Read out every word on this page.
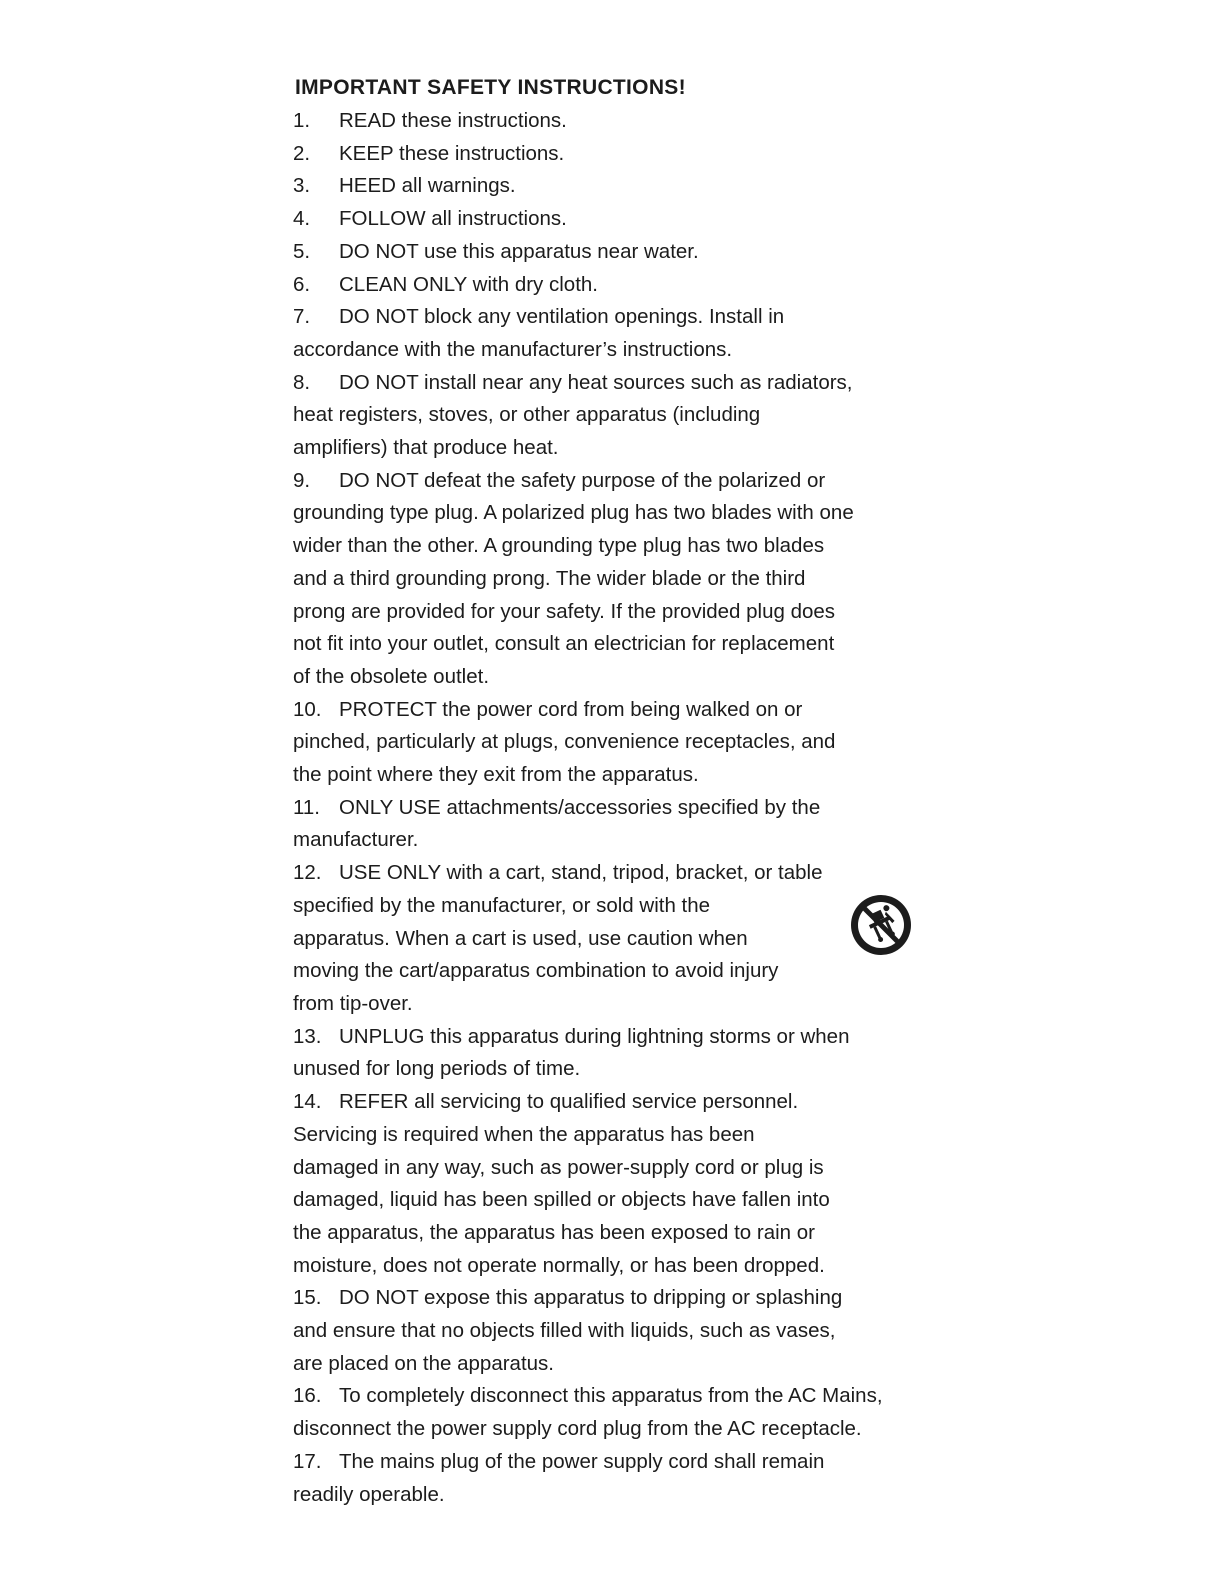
IMPORTANT SAFETY INSTRUCTIONS!
1. READ these instructions.
2. KEEP these instructions.
3. HEED all warnings.
4. FOLLOW all instructions.
5. DO NOT use this apparatus near water.
6. CLEAN ONLY with dry cloth.
7. DO NOT block any ventilation openings. Install in
accordance with the manufacturer’s instructions.
8. DO NOT install near any heat sources such as radiators,
heat registers, stoves, or other apparatus (including
amplifiers) that produce heat.
9. DO NOT defeat the safety purpose of the polarized or
grounding type plug. A polarized plug has two blades with one
wider than the other. A grounding type plug has two blades
and a third grounding prong. The wider blade or the third
prong are provided for your safety. If the provided plug does
not fit into your outlet, consult an electrician for replacement
of the obsolete outlet.
10. PROTECT the power cord from being walked on or
pinched, particularly at plugs, convenience receptacles, and
the point where they exit from the apparatus.
11. ONLY USE attachments/accessories specified by the
manufacturer.
12. USE ONLY with a cart, stand, tripod, bracket, or table
specified by the manufacturer, or sold with the
apparatus. When a cart is used, use caution when
moving the cart/apparatus combination to avoid injury
from tip-over.
13. UNPLUG this apparatus during lightning storms or when
unused for long periods of time.
14. REFER all servicing to qualified service personnel.
Servicing is required when the apparatus has been
damaged in any way, such as power-supply cord or plug is
damaged, liquid has been spilled or objects have fallen into
the apparatus, the apparatus has been exposed to rain or
moisture, does not operate normally, or has been dropped.
15. DO NOT expose this apparatus to dripping or splashing
and ensure that no objects filled with liquids, such as vases,
are placed on the apparatus.
16. To completely disconnect this apparatus from the AC Mains,
disconnect the power supply cord plug from the AC receptacle.
17. The mains plug of the power supply cord shall remain
readily operable.
